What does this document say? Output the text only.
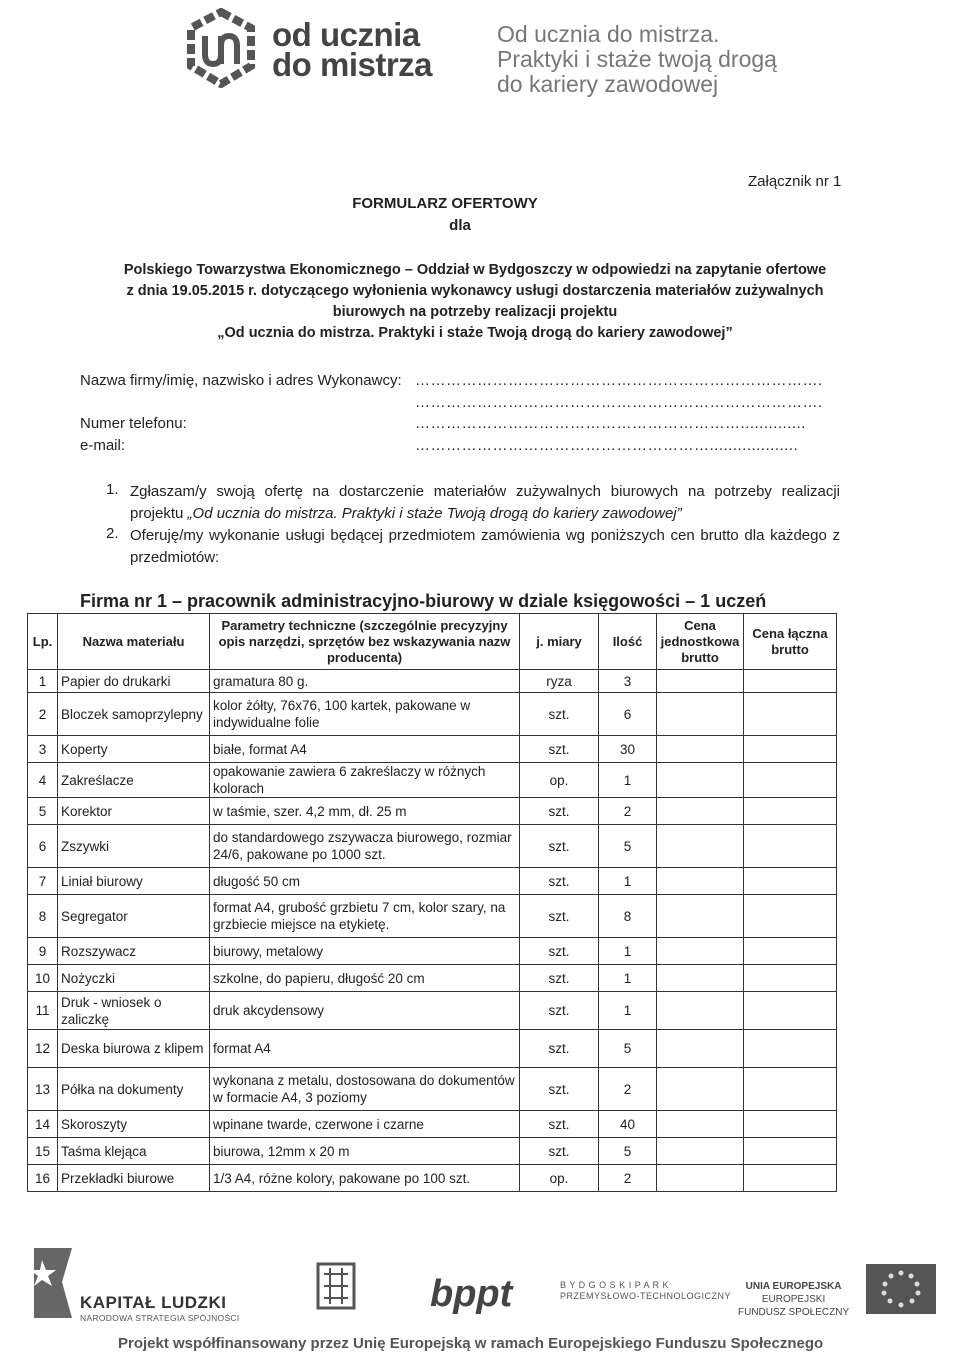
od ucznia
do mistrza
Od ucznia do mistrza.
Praktyki i staże twoją drogą
do kariery zawodowej
Załącznik nr 1
FORMULARZ OFERTOWY
dla
Polskiego Towarzystwa Ekonomicznego – Oddział w Bydgoszczy w odpowiedzi na zapytanie ofertowe
z dnia 19.05.2015 r. dotyczącego wyłonienia wykonawcy usługi dostarczenia materiałów zużywalnych
biurowych na potrzeby realizacji projektu
„Od ucznia do mistrza. Praktyki i staże Twoją drogą do kariery zawodowej”
Nazwa firmy/imię, nazwisko i adres Wykonawcy: …………………………………………………………………….
…………………………………………………………………….
Numer telefonu:	………………………………………………………..............
e-mail:	…………………………………………………...................
1. Zgłaszam/y swoją ofertę na dostarczenie materiałów zużywalnych biurowych na potrzeby realizacji
projektu „Od ucznia do mistrza. Praktyki i staże Twoją drogą do kariery zawodowej”
2. Oferuję/my wykonanie usługi będącej przedmiotem zamówienia wg poniższych cen brutto dla każdego z
przedmiotów:
Firma nr 1 – pracownik administracyjno-biurowy w dziale księgowości – 1 uczeń
Lp.	Nazwa materiału	Parametry techniczne (szczególnie precyzyjny opis narzędzi, sprzętów bez wskazywania nazw producenta)	j. miary	Ilość	Cena jednostkowa brutto	Cena łączna brutto
1	Papier do drukarki	gramatura 80 g.	ryza	3		
2	Bloczek samoprzylepny	kolor żółty, 76x76, 100 kartek, pakowane w indywidualne folie	szt.	6		
3	Koperty	białe, format A4	szt.	30		
4	Zakreślacze	opakowanie zawiera 6 zakreślaczy w różnych kolorach	op.	1		
5	Korektor	w taśmie, szer. 4,2 mm, dł. 25 m	szt.	2		
6	Zszywki	do standardowego zszywacza biurowego, rozmiar 24/6, pakowane po 1000 szt.	szt.	5		
7	Liniał biurowy	długość 50 cm	szt.	1		
8	Segregator	format A4, grubość grzbietu 7 cm, kolor szary, na grzbiecie miejsce na etykietę.	szt.	8		
9	Rozszywacz	biurowy, metalowy	szt.	1		
10	Nożyczki	szkolne, do papieru, długość 20 cm	szt.	1		
11	Druk - wniosek o zaliczkę	druk akcydensowy	szt.	1		
12	Deska biurowa z klipem	format A4	szt.	5		
13	Półka na dokumenty	wykonana z metalu, dostosowana do dokumentów w formacie A4, 3 poziomy	szt.	2		
14	Skoroszyty	wpinane twarde, czerwone i czarne	szt.	40		
15	Taśma klejąca	biurowa, 12mm x 20 m	szt.	5		
16	Przekładki biurowe	1/3 A4, różne kolory, pakowane po 100 szt.	op.	2		
KAPITAŁ LUDZKI
NARODOWA STRATEGIA SPÓJNOŚCI
bppt	B Y D G O S K I P A R K
PRZEMYSŁOWO-TECHNOLOGICZNY
UNIA EUROPEJSKA
EUROPEJSKI
FUNDUSZ SPOŁECZNY
Projekt współfinansowany przez Unię Europejską w ramach Europejskiego Funduszu Społecznego
